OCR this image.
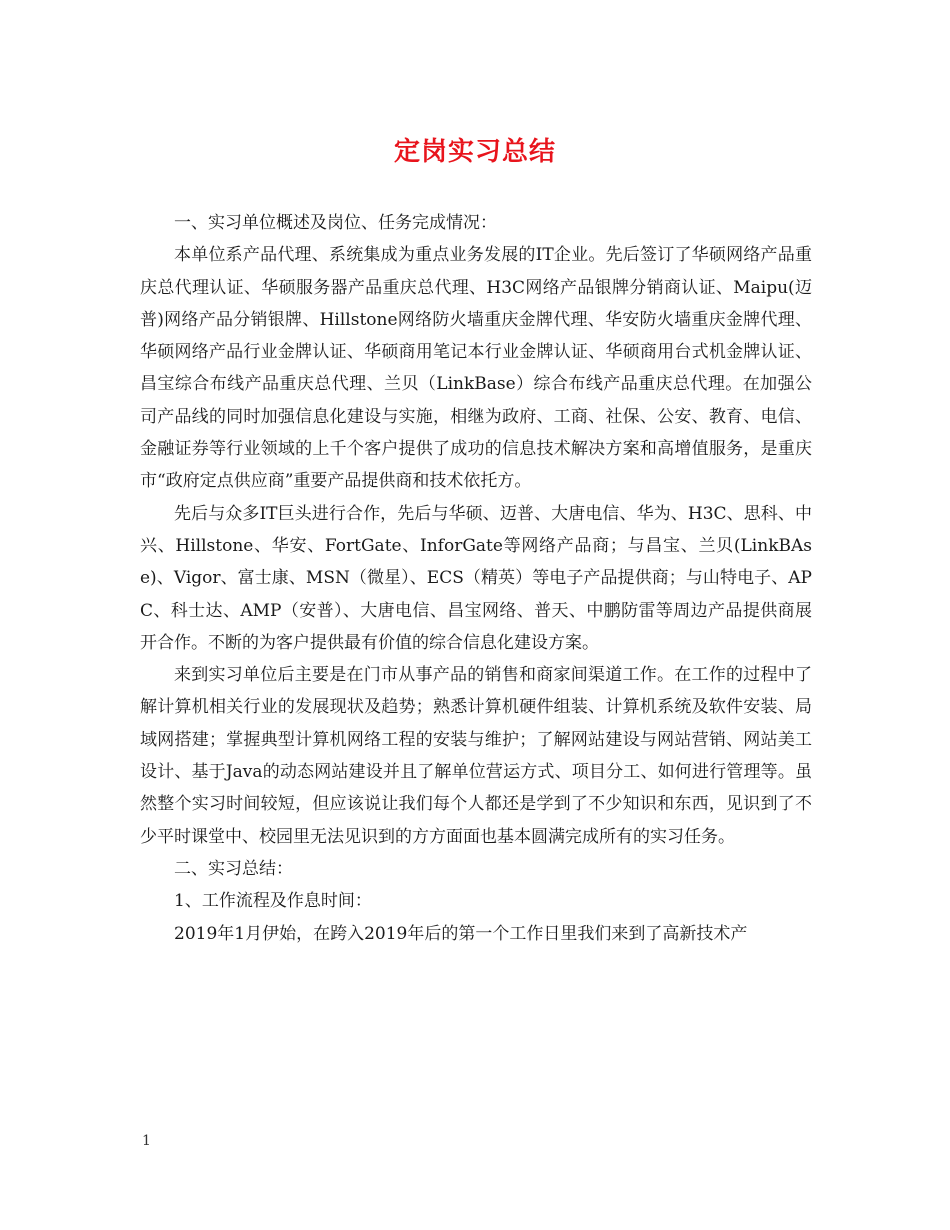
定岗实习总结

一、实习单位概述及岗位、任务完成情况：

本单位系产品代理、系统集成为重点业务发展的IT企业。先后签订了华硕网络产品重庆总代理认证、华硕服务器产品重庆总代理、H3C网络产品银牌分销商认证、Maipu(迈普)网络产品分销银牌、Hillstone网络防火墙重庆金牌代理、华安防火墙重庆金牌代理、华硕网络产品行业金牌认证、华硕商用笔记本行业金牌认证、华硕商用台式机金牌认证、昌宝综合布线产品重庆总代理、兰贝（LinkBase）综合布线产品重庆总代理。在加强公司产品线的同时加强信息化建设与实施，相继为政府、工商、社保、公安、教育、电信、金融证券等行业领域的上千个客户提供了成功的信息技术解决方案和高增值服务，是重庆市“政府定点供应商”重要产品提供商和技术依托方。

先后与众多IT巨头进行合作，先后与华硕、迈普、大唐电信、华为、H3C、思科、中兴、Hillstone、华安、FortGate、InforGate等网络产品商；与昌宝、兰贝(LinkBAse)、Vigor、富士康、MSN（微星）、ECS（精英）等电子产品提供商；与山特电子、APC、科士达、AMP（安普）、大唐电信、昌宝网络、普天、中鹏防雷等周边产品提供商展开合作。不断的为客户提供最有价值的综合信息化建设方案。

来到实习单位后主要是在门市从事产品的销售和商家间渠道工作。在工作的过程中了解计算机相关行业的发展现状及趋势；熟悉计算机硬件组装、计算机系统及软件安装、局域网搭建；掌握典型计算机网络工程的安装与维护；了解网站建设与网站营销、网站美工设计、基于Java的动态网站建设并且了解单位营运方式、项目分工、如何进行管理等。虽然整个实习时间较短，但应该说让我们每个人都还是学到了不少知识和东西，见识到了不少平时课堂中、校园里无法见识到的方方面面也基本圆满完成所有的实习任务。

二、实习总结：

1、工作流程及作息时间：

2019年1月伊始，在跨入2019年后的第一个工作日里我们来到了高新技术产

1
